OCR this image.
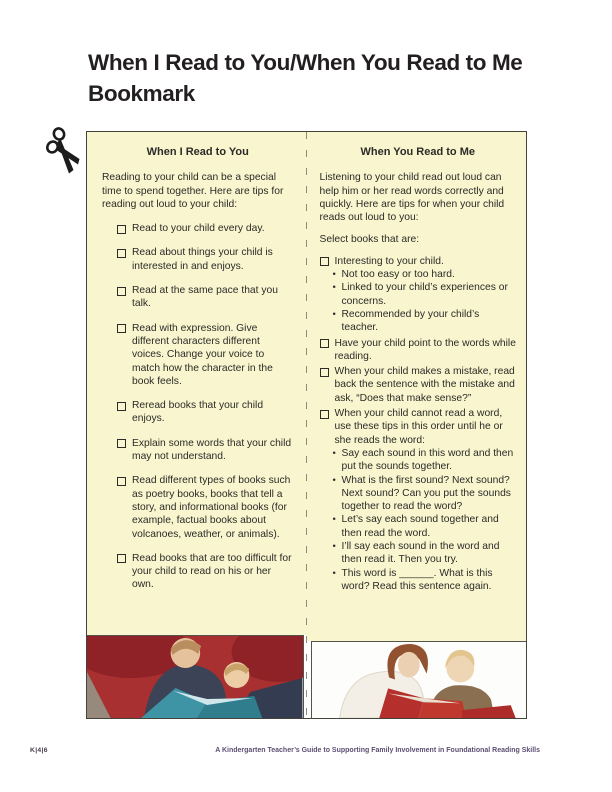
When I Read to You/When You Read to Me
Bookmark
When I Read to You
Reading to your child can be a special time to spend together. Here are tips for reading out loud to your child:
Read to your child every day.
Read about things your child is interested in and enjoys.
Read at the same pace that you talk.
Read with expression. Give different characters different voices. Change your voice to match how the character in the book feels.
Reread books that your child enjoys.
Explain some words that your child may not understand.
Read different types of books such as poetry books, books that tell a story, and informational books (for example, factual books about volcanoes, weather, or animals).
Read books that are too difficult for your child to read on his or her own.
When You Read to Me
Listening to your child read out loud can help him or her read words correctly and quickly. Here are tips for when your child reads out loud to you:
Select books that are:
Interesting to your child.
• Not too easy or too hard.
• Linked to your child’s experiences or concerns.
• Recommended by your child’s teacher.
Have your child point to the words while reading.
When your child makes a mistake, read back the sentence with the mistake and ask, “Does that make sense?”
When your child cannot read a word, use these tips in this order until he or she reads the word:
• Say each sound in this word and then put the sounds together.
• What is the first sound? Next sound? Next sound? Can you put the sounds together to read the word?
• Let’s say each sound together and then read the word.
• I’ll say each sound in the word and then read it. Then you try.
• This word is ______. What is this word? Read this sentence again.
K|4|6	A Kindergarten Teacher’s Guide to Supporting Family Involvement in Foundational Reading Skills
